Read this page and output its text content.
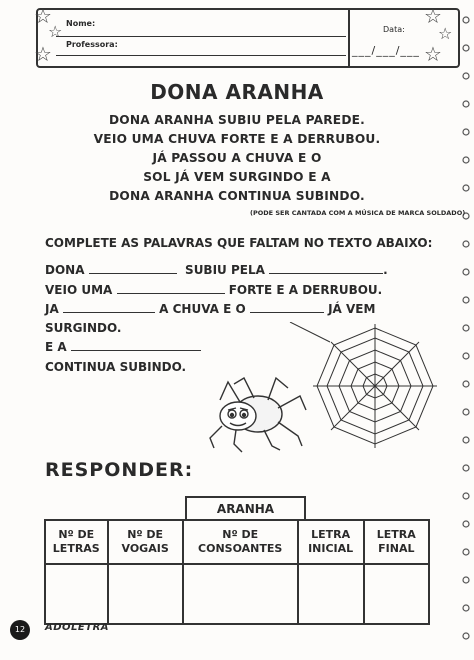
Nome:
Professora:
Data:
___/___/___
☆
☆
☆
☆
☆
☆
DONA ARANHA
DONA ARANHA SUBIU PELA PAREDE.
VEIO UMA CHUVA FORTE E A DERRUBOU.
JÁ PASSOU A CHUVA E O
SOL JÁ VEM SURGINDO E A
DONA ARANHA CONTINUA SUBINDO.
(PODE SER CANTADA COM A MÚSICA DE MARCA SOLDADO)
COMPLETE AS PALAVRAS QUE FALTAM NO TEXTO ABAIXO:
DONA	SUBIU PELA	.
VEIO UMA	FORTE E A DERRUBOU.
JA	A CHUVA E O	JÁ VEM
SURGINDO.
E A
CONTINUA SUBINDO.
RESPONDER:
ARANHA
Nº DE
LETRAS	Nº DE
VOGAIS	Nº DE
CONSOANTES	LETRA
INICIAL	LETRA
FINAL

12	ADOLETRA
